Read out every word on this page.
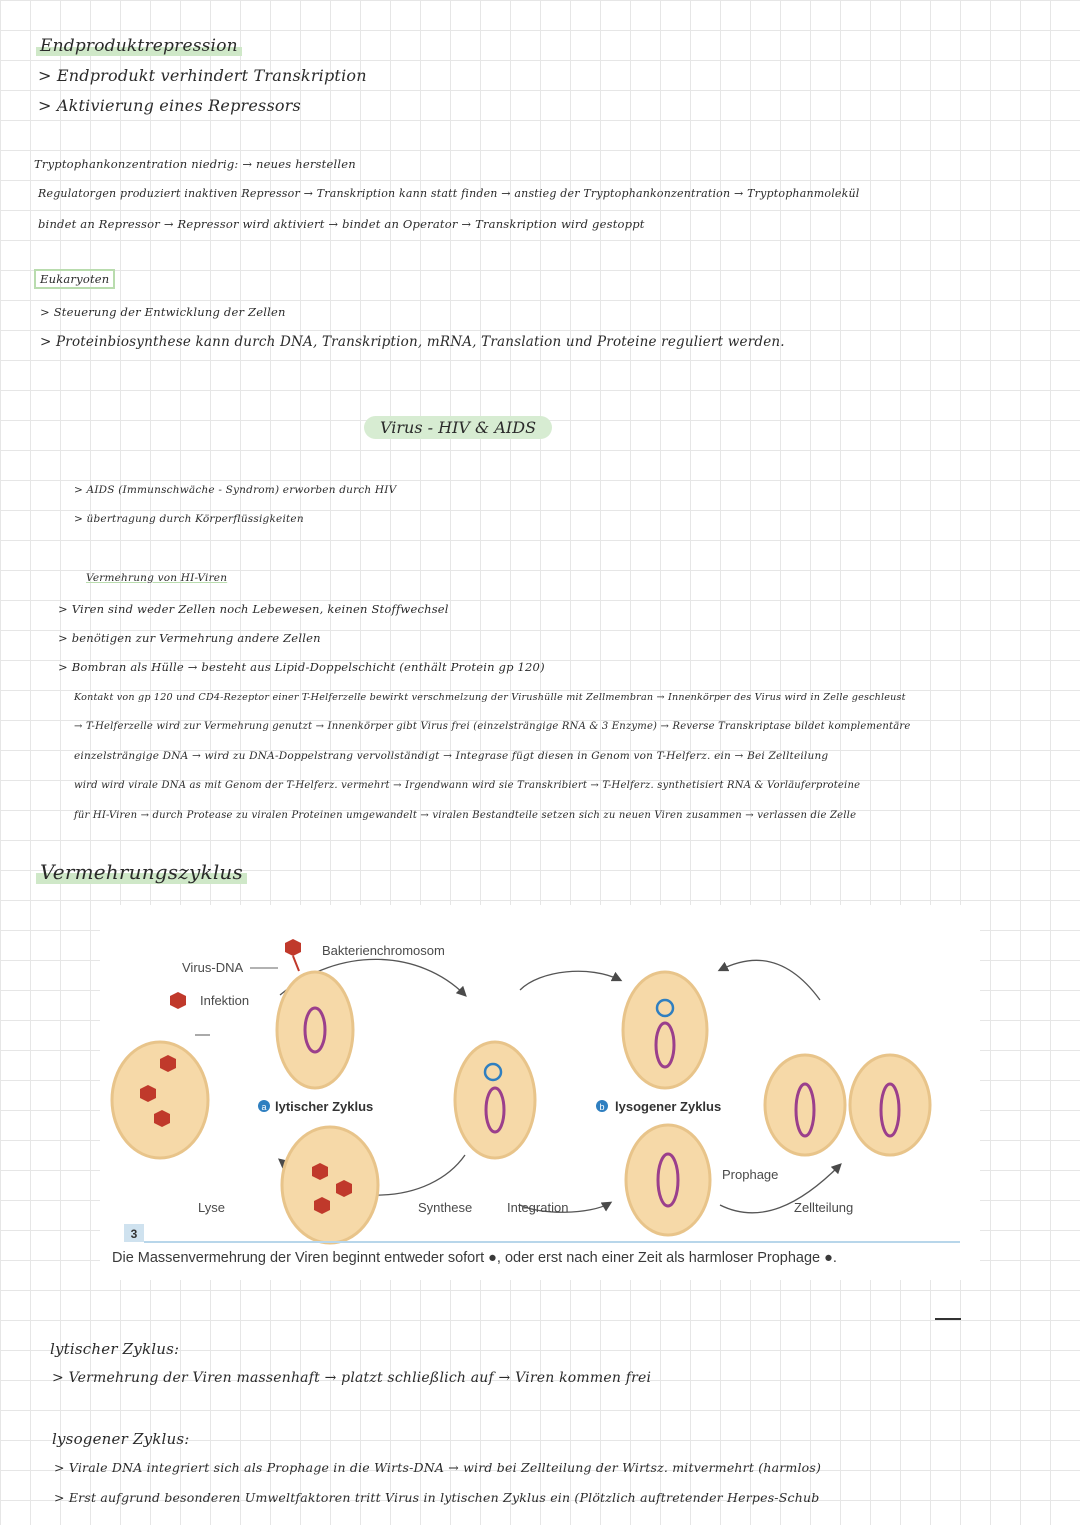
Endproduktrepression
> Endprodukt verhindert Transkription
> Aktivierung eines Repressors
Tryptophankonzentration niedrig: → neues herstellen
Regulatorgen produziert inaktiven Repressor → Transkription kann statt finden → anstieg der Tryptophankonzentration → Tryptophanmolekül
bindet an Repressor → Repressor wird aktiviert → bindet an Operator → Transkription wird gestoppt
Eukaryoten
> Steuerung der Entwicklung der Zellen
> Proteinbiosynthese kann durch DNA, Transkription, mRNA, Translation und Proteine reguliert werden.
Virus - HIV & AIDS
> AIDS (Immunschwäche - Syndrom) erworben durch HIV
> übertragung durch Körperflüssigkeiten
Vermehrung von HI-Viren
> Viren sind weder Zellen noch Lebewesen, keinen Stoffwechsel
> benötigen zur Vermehrung andere Zellen
> Bombran als Hülle → besteht aus Lipid-Doppelschicht (enthält Protein gp 120)
Kontakt von gp 120 und CD4-Rezeptor einer T-Helferzelle bewirkt verschmelzung der Virushülle mit Zellmembran → Innenkörper des Virus wird in Zelle geschleust
→ T-Helferzelle wird zur Vermehrung genutzt → Innenkörper gibt Virus frei (einzelsträngige RNA & 3 Enzyme) → Reverse Transkriptase bildet komplementäre
einzelsträngige DNA → wird zu DNA-Doppelstrang vervollständigt → Integrase fügt diesen in Genom von T-Helferz. ein → Bei Zellteilung
wird wird virale DNA as mit Genom der T-Helferz. vermehrt → Irgendwann wird sie Transkribiert → T-Helferz. synthetisiert RNA & Vorläuferproteine
für HI-Viren → durch Protease zu viralen Proteinen umgewandelt → viralen Bestandteile setzen sich zu neuen Viren zusammen → verlassen die Zelle
Vermehrungszyklus
Virus-DNA
Bakterienchromosom
Infektion
a lytischer Zyklus	b lysogener Zyklus
Prophage
Lyse	Synthese	Integration	Zellteilung
3
Die Massenvermehrung der Viren beginnt entweder sofort ●, oder erst nach einer Zeit als harmloser Prophage ●.
lytischer Zyklus:
> Vermehrung der Viren massenhaft → platzt schließlich auf → Viren kommen frei
lysogener Zyklus:
> Virale DNA integriert sich als Prophage in die Wirts-DNA → wird bei Zellteilung der Wirtsz. mitvermehrt (harmlos)
> Erst aufgrund besonderen Umweltfaktoren tritt Virus in lytischen Zyklus ein (Plötzlich auftretender Herpes-Schub
